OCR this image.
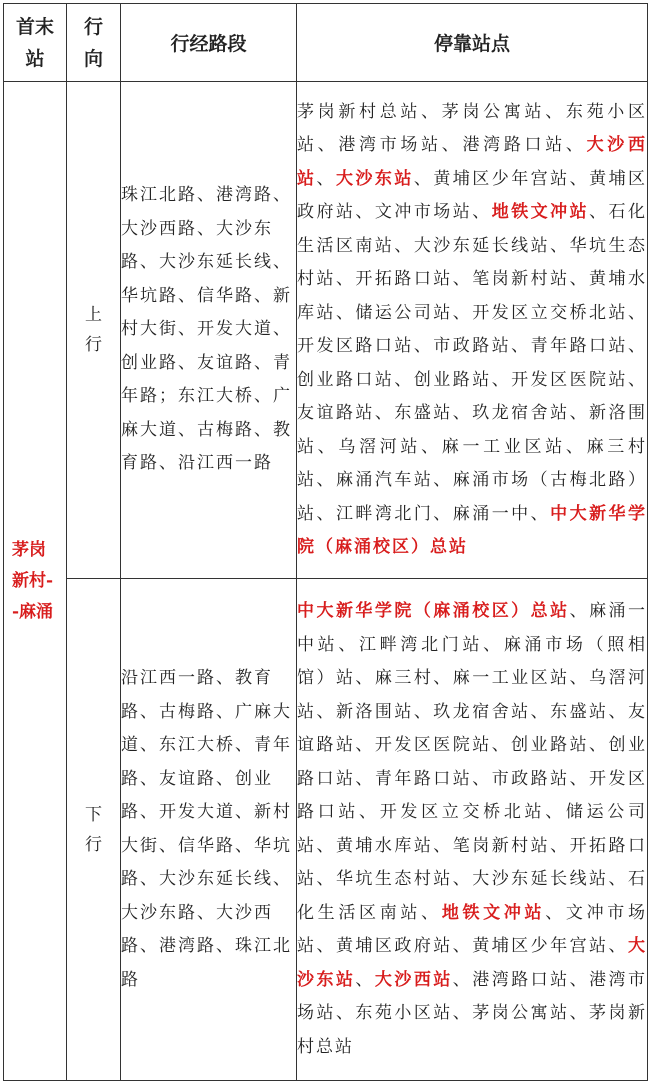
首末站	行向	行经路段	停靠站点
茅岗新村--麻涌	上行	珠江北路、港湾路、大沙西路、大沙东路、大沙东延长线、华坑路、信华路、新村大街、开发大道、创业路、友谊路、青年路；东江大桥、广麻大道、古梅路、教育路、沿江西一路	茅岗新村总站、茅岗公寓站、东苑小区站、港湾市场站、港湾路口站、大沙西站、大沙东站、黄埔区少年宫站、黄埔区政府站、文冲市场站、地铁文冲站、石化生活区南站、大沙东延长线站、华坑生态村站、开拓路口站、笔岗新村站、黄埔水库站、储运公司站、开发区立交桥北站、开发区路口站、市政路站、青年路口站、创业路口站、创业路站、开发区医院站、友谊路站、东盛站、玖龙宿舍站、新洛围站、乌滘河站、麻一工业区站、麻三村站、麻涌汽车站、麻涌市场（古梅北路）站、江畔湾北门、麻涌一中、中大新华学院（麻涌校区）总站

	下行	沿江西一路、教育路、古梅路、广麻大道、东江大桥、青年路、友谊路、创业路、开发大道、新村大街、信华路、华坑路、大沙东延长线、大沙东路、大沙西路、港湾路、珠江北路	中大新华学院（麻涌校区）总站、麻涌一中站、江畔湾北门站、麻涌市场（照相馆）站、麻三村、麻一工业区站、乌滘河站、新洛围站、玖龙宿舍站、东盛站、友谊路站、开发区医院站、创业路站、创业路口站、青年路口站、市政路站、开发区路口站、开发区立交桥北站、储运公司站、黄埔水库站、笔岗新村站、开拓路口站、华坑生态村站、大沙东延长线站、石化生活区南站、地铁文冲站、文冲市场站、黄埔区政府站、黄埔区少年宫站、大沙东站、大沙西站、港湾路口站、港湾市场站、东苑小区站、茅岗公寓站、茅岗新村总站
